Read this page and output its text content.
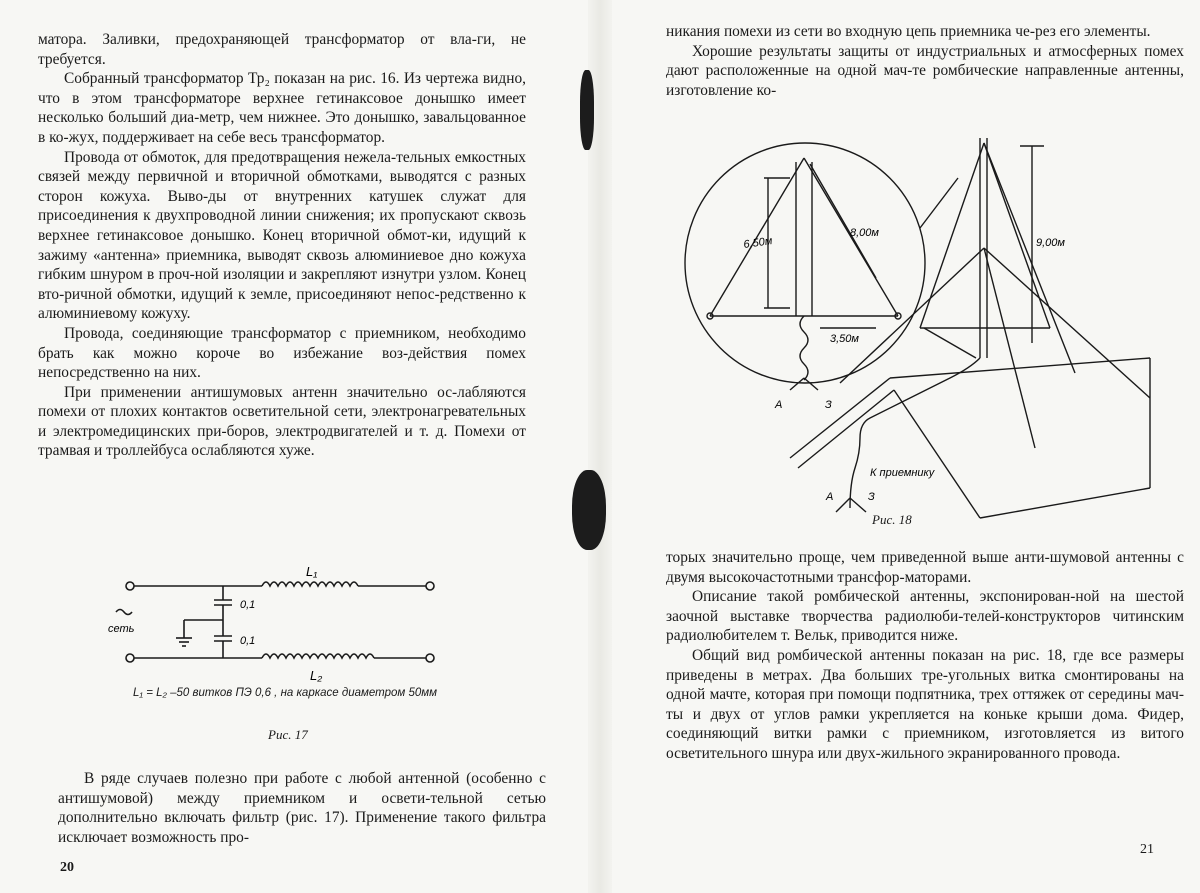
матора. Заливки, предохраняющей трансформатор от вла-ги, не требуется.

Собранный трансформатор Тр₂ показан на рис. 16. Из чертежа видно, что в этом трансформаторе верхнее гетинаксовое донышко имеет несколько больший диа-метр, чем нижнее. Это донышко, завальцованное в ко-жух, поддерживает на себе весь трансформатор.

Провода от обмоток, для предотвращения нежела-тельных емкостных связей между первичной и вторичной обмотками, выводятся с разных сторон кожуха. Выво-ды от внутренних катушек служат для присоединения к двухпроводной линии снижения; их пропускают сквозь верхнее гетинаксовое донышко. Конец вторичной обмот-ки, идущий к зажиму «антенна» приемника, выводят сквозь алюминиевое дно кожуха гибким шнуром в проч-ной изоляции и закрепляют изнутри узлом. Конец вто-ричной обмотки, идущий к земле, присоединяют непос-редственно к алюминиевому кожуху.

Провода, соединяющие трансформатор с приемником, необходимо брать как можно короче во избежание воз-действия помех непосредственно на них.

При применении антишумовых антенн значительно ос-лабляются помехи от плохих контактов осветительной сети, электронагревательных и электромедицинских при-боров, электродвигателей и т. д. Помехи от трамвая и троллейбуса ослабляются хуже.

L₁
L₂
0,1
0,1
сеть
L₁ = L₂ –50 витков ПЭ 0,6 , на каркасе диаметром 50мм
Рис. 17

В ряде случаев полезно при работе с любой антенной (особенно с антишумовой) между приемником и освети-тельной сетью дополнительно включать фильтр (рис. 17). Применение такого фильтра исключает возможность про-

20

никания помехи из сети во входную цепь приемника че-рез его элементы.

Хорошие результаты защиты от индустриальных и атмосферных помех дают расположенные на одной мач-те ромбические направленные антенны, изготовление ко-

6,50м
8,00м
3,50м
9,00м
А	З
К приемнику
А	З
Рис. 18

торых значительно проще, чем приведенной выше анти-шумовой антенны с двумя высокочастотными трансфор-маторами.

Описание такой ромбической антенны, экспонирован-ной на шестой заочной выставке творчества радиолюби-телей-конструкторов читинским радиолюбителем т. Вельк, приводится ниже.

Общий вид ромбической антенны показан на рис. 18, где все размеры приведены в метрах. Два больших тре-угольных витка смонтированы на одной мачте, которая при помощи подпятника, трех оттяжек от середины мач-ты и двух от углов рамки укрепляется на коньке крыши дома. Фидер, соединяющий витки рамки с приемником, изготовляется из витого осветительного шнура или двух-жильного экранированного провода.

21
